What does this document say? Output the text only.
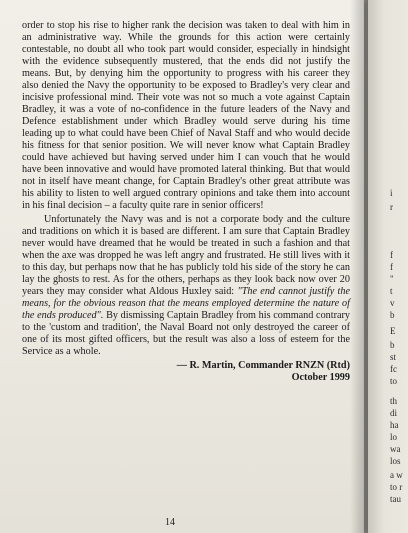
order to stop his rise to higher rank the decision was taken to deal with him in an administrative way. While the grounds for this action were certainly contestable, no doubt all who took part would consider, especially in hindsight with the evidence subsequently mustered, that the ends did not justify the means. But, by denying him the opportunity to progress with his career they also denied the Navy the opportunity to be exposed to Bradley's very clear and incisive professional mind. Their vote was not so much a vote against Captain Bradley, it was a vote of no-confidence in the future leaders of the Navy and Defence establishment under which Bradley would serve during his time leading up to what could have been Chief of Naval Staff and who would decide his fitness for that senior position. We will never know what Captain Bradley could have achieved but having served under him I can vouch that he would have been innovative and would have promoted lateral thinking. But that would not in itself have meant change, for Captain Bradley's other great attribute was his ability to listen to well argued contrary opinions and take them into account in his final decision – a faculty quite rare in senior officers!

Unfortunately the Navy was and is not a corporate body and the culture and traditions on which it is based are different. I am sure that Captain Bradley never would have dreamed that he would be treated in such a fashion and that when the axe was dropped he was left angry and frustrated. He still lives with it to this day, but perhaps now that he has publicly told his side of the story he can lay the ghosts to rest. As for the others, perhaps as they look back now over 20 years they may consider what Aldous Huxley said: "The end cannot justify the means, for the obvious reason that the means employed determine the nature of the ends produced". By dismissing Captain Bradley from his command contrary to the 'custom and tradition', the Naval Board not only destroyed the career of one of its most gifted officers, but the result was also a loss of esteem for the Service as a whole.

— R. Martin, Commander RNZN (Rtd)
October 1999
14
i
r
f
f
"
t
v
b
E
b
st
fc
to
th
di
ha
lo
wa
los
a w
to r
tau
